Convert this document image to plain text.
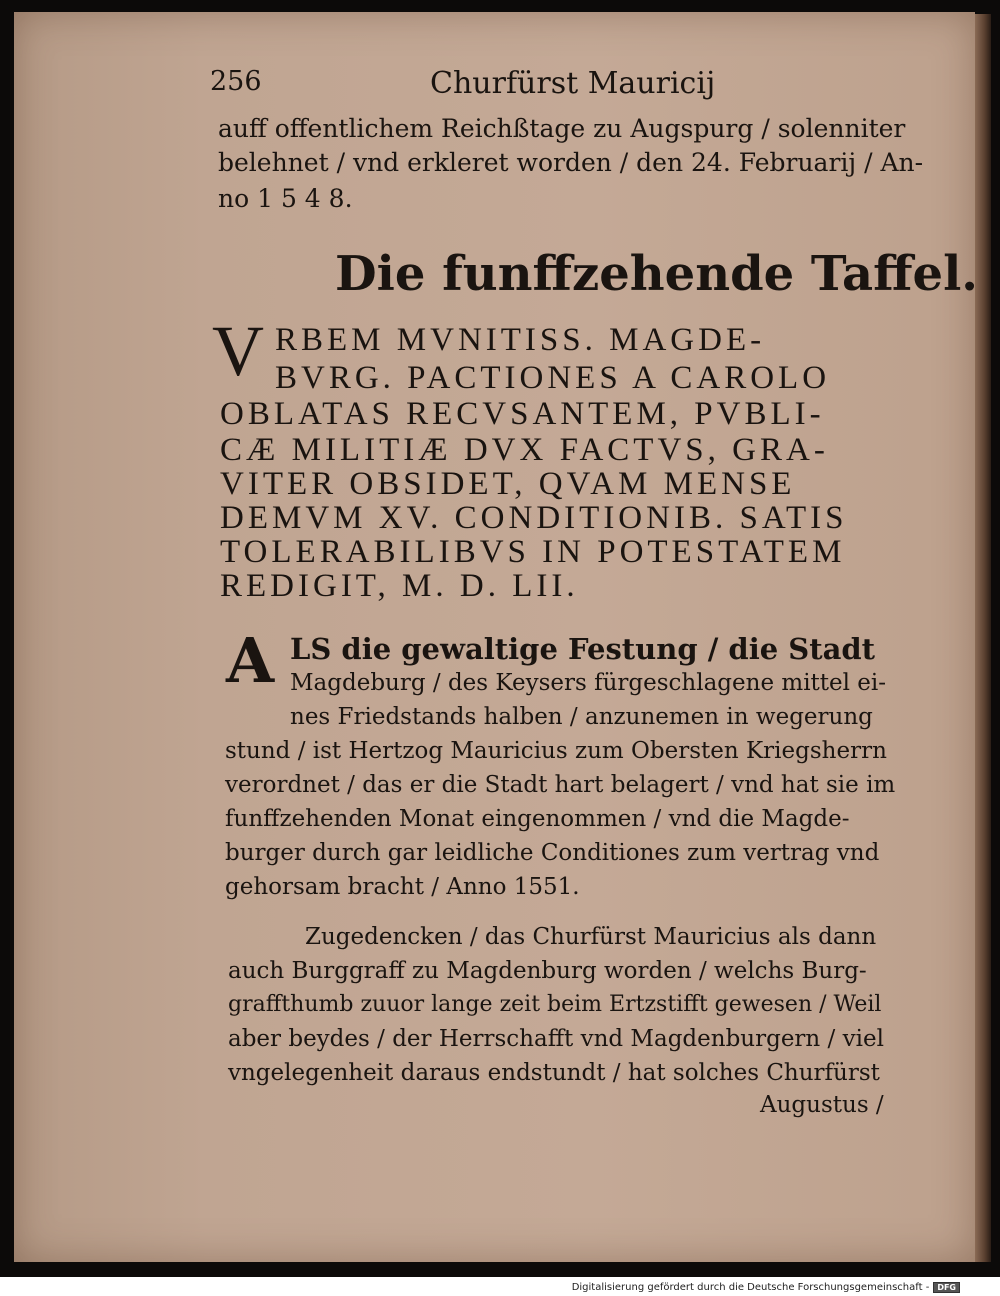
256	Churfürst Mauricij
auff offentlichem Reichßtage zu Augspurg / solenniter
belehnet / vnd erkleret worden / den 24. Februarij / An-
no 1 5 4 8.
Die funffzehende Taffel.
V RBEM MVNITISS. MAGDE-
BVRG. PACTIONES A CAROLO
OBLATAS RECVSANTEM, PVBLI-
CÆ MILITIÆ DVX FACTVS, GRA-
VITER OBSIDET, QVAM MENSE
DEMVM XV. CONDITIONIB. SATIS
TOLERABILIBVS IN POTESTATEM
REDIGIT, M. D. LII.
A LS die gewaltige Festung / die Stadt
Magdeburg / des Keysers fürgeschlagene mittel ei-
nes Friedstands halben / anzunemen in wegerung
stund / ist Hertzog Mauricius zum Obersten Kriegsherrn
verordnet / das er die Stadt hart belagert / vnd hat sie im
funffzehenden Monat eingenommen / vnd die Magde-
burger durch gar leidliche Conditiones zum vertrag vnd
gehorsam bracht / Anno 1551.
Zugedencken / das Churfürst Mauricius als dann
auch Burggraff zu Magdenburg worden / welchs Burg-
graffthumb zuuor lange zeit beim Ertzstifft gewesen / Weil
aber beydes / der Herrschafft vnd Magdenburgern / viel
vngelegenheit daraus endstundt / hat solches Churfürst
Augustus /
Digitalisierung gefördert durch die Deutsche Forschungsgemeinschaft -	DFG
